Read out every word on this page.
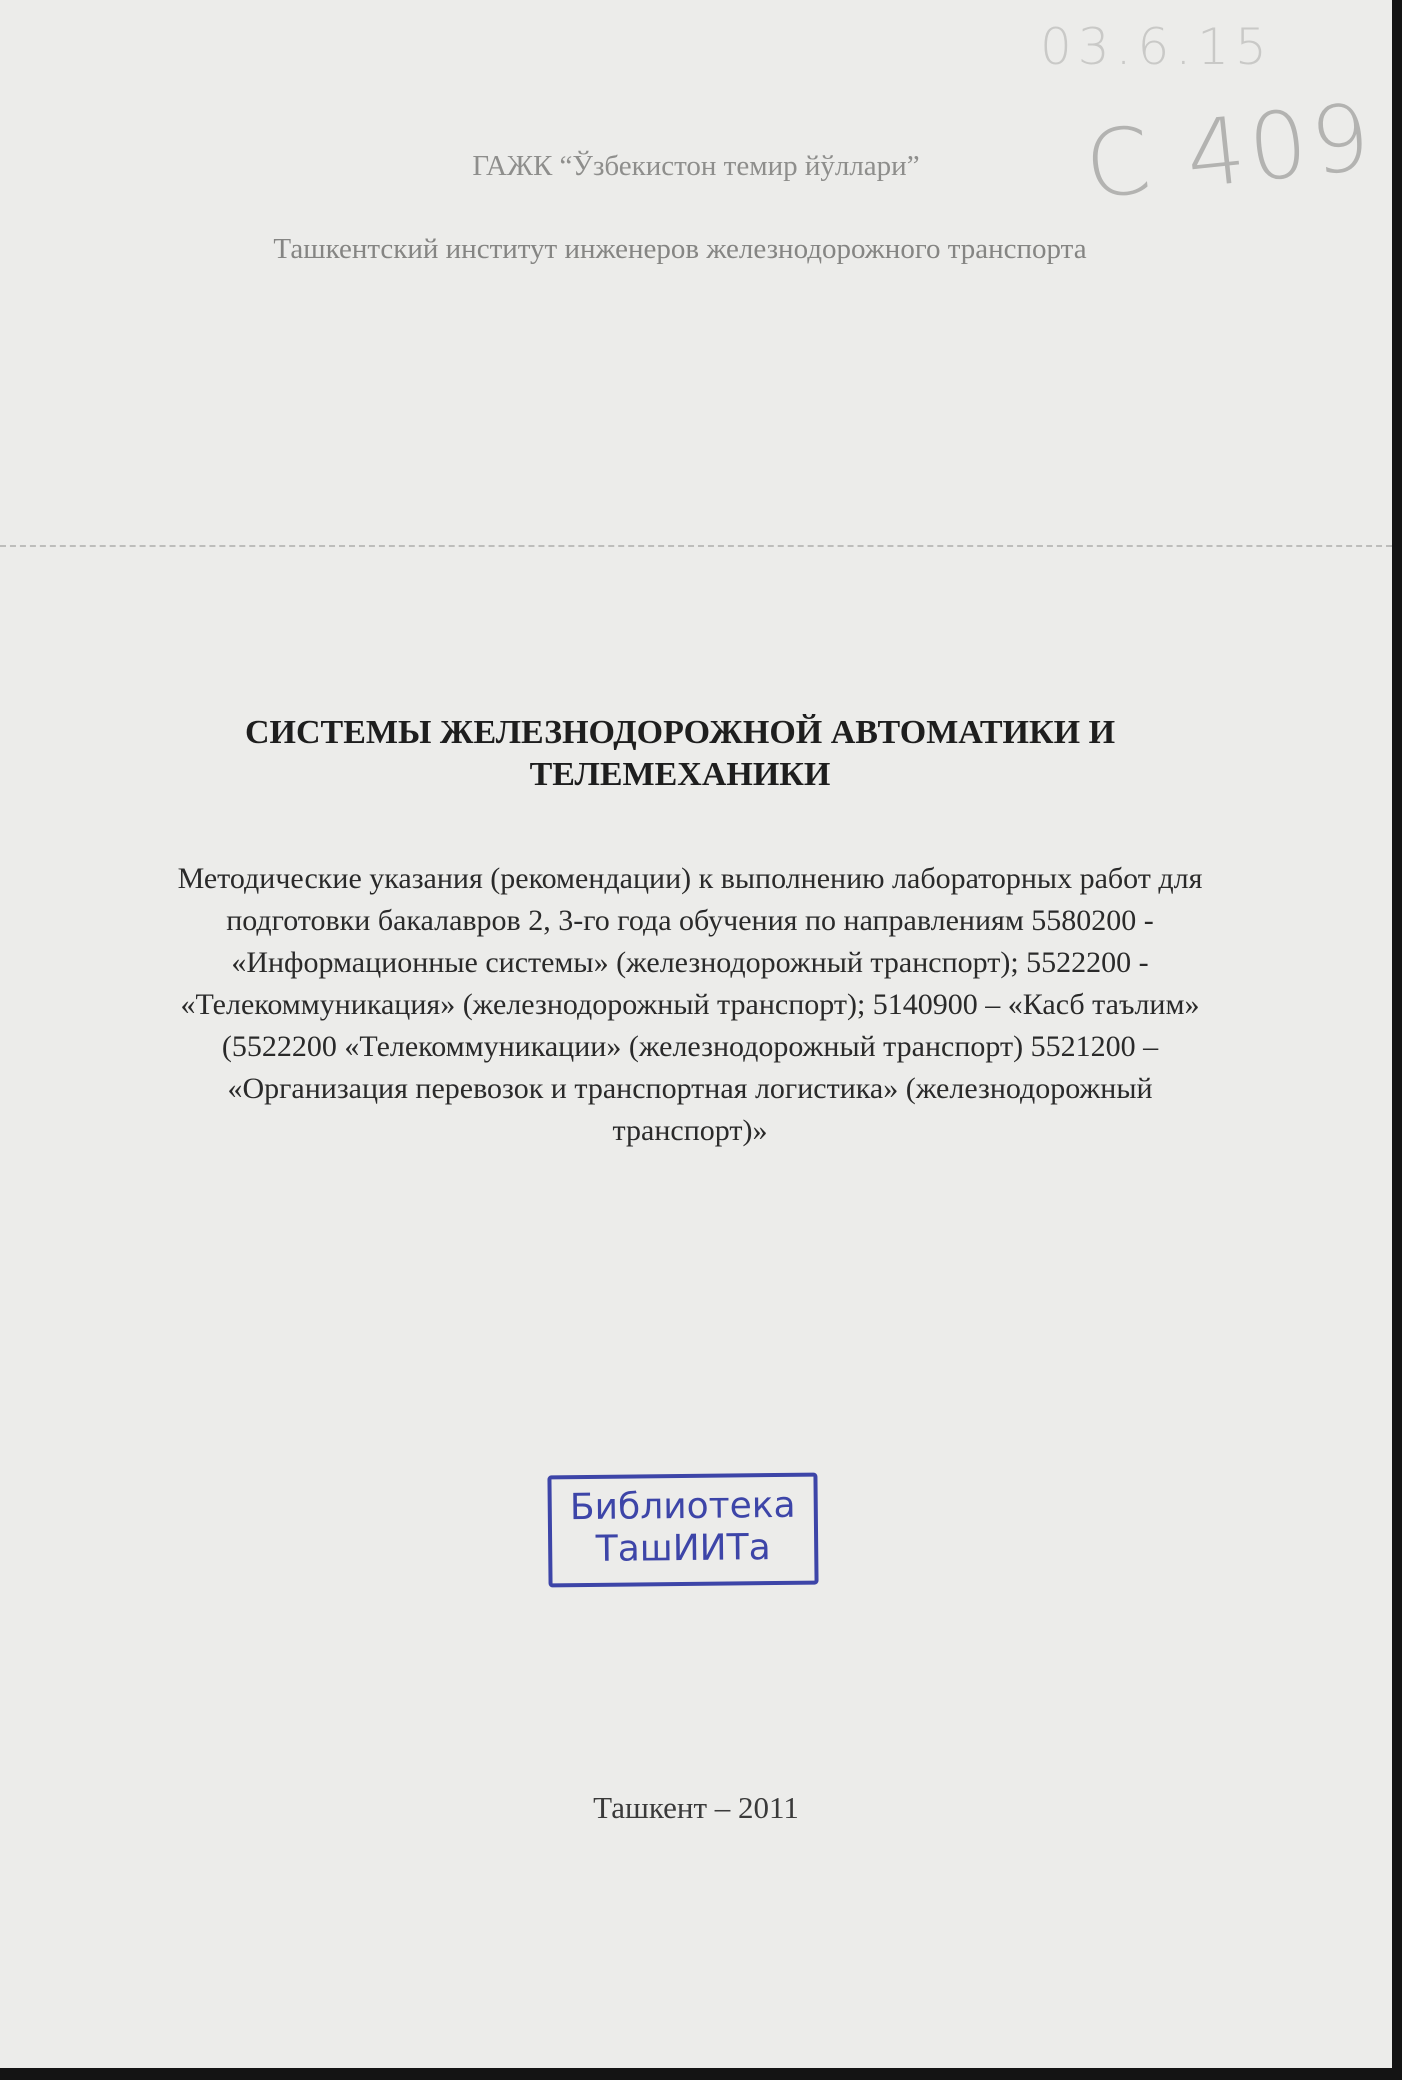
03.6.15
С 409
ГАЖК “Ўзбекистон темир йўллари”
Ташкентский институт инженеров железнодорожного транспорта
СИСТЕМЫ ЖЕЛЕЗНОДОРОЖНОЙ АВТОМАТИКИ И ТЕЛЕМЕХАНИКИ
Методические указания (рекомендации) к выполнению лабораторных работ для подготовки бакалавров 2, 3-го года обучения по направлениям 5580200 - «Информационные системы» (железнодорожный транспорт); 5522200 - «Телекоммуникация» (железнодорожный транспорт); 5140900 – «Касб таълим» (5522200 «Телекоммуникации» (железнодорожный транспорт) 5521200 – «Организация перевозок и транспортная логистика» (железнодорожный транспорт)»
Библиотека
ТашИИТа
Ташкент – 2011
